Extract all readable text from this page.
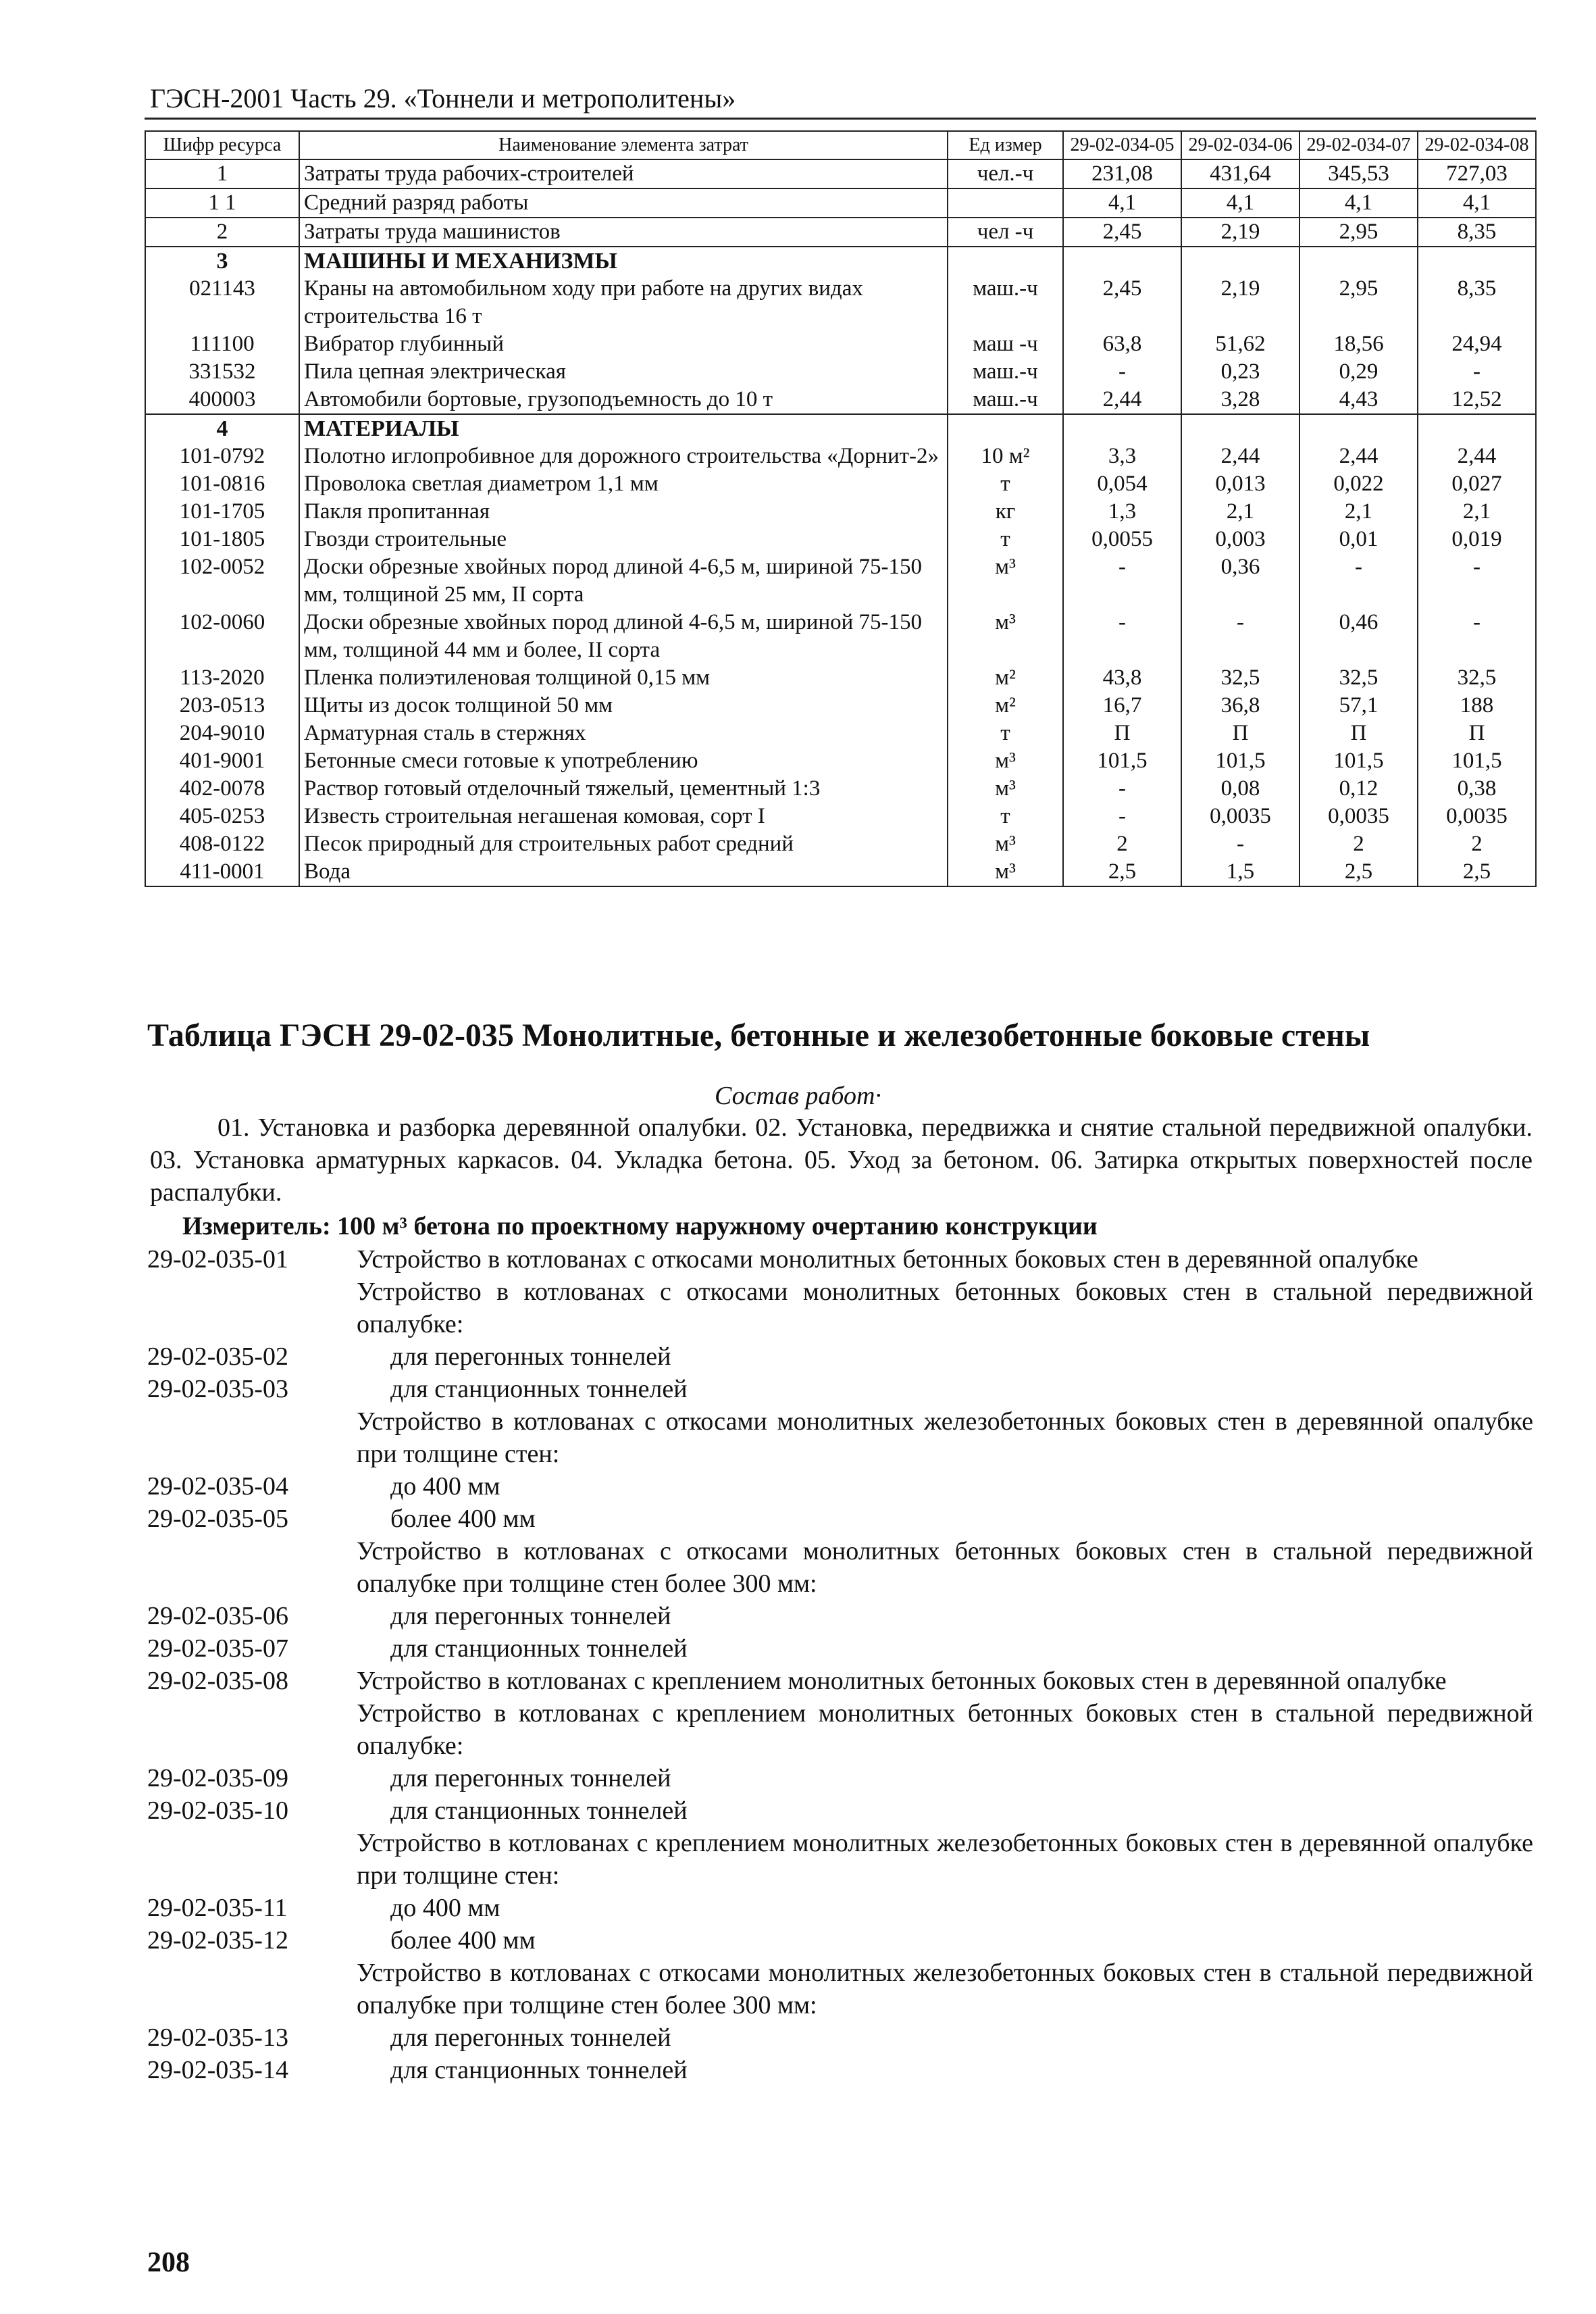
ГЭСН-2001 Часть 29. «Тоннели и метрополитены»
Шифр ресурса	Наименование элемента затрат	Ед измер	29-02-034-05	29-02-034-06	29-02-034-07	29-02-034-08
1	Затраты труда рабочих-строителей	чел.-ч	231,08	431,64	345,53	727,03
1 1	Средний разряд работы		4,1	4,1	4,1	4,1
2	Затраты труда машинистов	чел -ч	2,45	2,19	2,95	8,35
3	МАШИНЫ И МЕХАНИЗМЫ					
021143	Краны на автомобильном ходу при работе на других видах строительства 16 т	маш.-ч	2,45	2,19	2,95	8,35
111100	Вибратор глубинный	маш -ч	63,8	51,62	18,56	24,94
331532	Пила цепная электрическая	маш.-ч	-	0,23	0,29	-
400003	Автомобили бортовые, грузоподъемность до 10 т	маш.-ч	2,44	3,28	4,43	12,52
4	МАТЕРИАЛЫ					
101-0792	Полотно иглопробивное для дорожного строительства «Дорнит-2»	10 м²	3,3	2,44	2,44	2,44
101-0816	Проволока светлая диаметром 1,1 мм	т	0,054	0,013	0,022	0,027
101-1705	Пакля пропитанная	кг	1,3	2,1	2,1	2,1
101-1805	Гвозди строительные	т	0,0055	0,003	0,01	0,019
102-0052	Доски обрезные хвойных пород длиной 4-6,5 м, шириной 75-150 мм, толщиной 25 мм, II сорта	м³	-	0,36	-	-
102-0060	Доски обрезные хвойных пород длиной 4-6,5 м, шириной 75-150 мм, толщиной 44 мм и более, II сорта	м³	-	-	0,46	-
113-2020	Пленка полиэтиленовая толщиной 0,15 мм	м²	43,8	32,5	32,5	32,5
203-0513	Щиты из досок толщиной 50 мм	м²	16,7	36,8	57,1	188
204-9010	Арматурная сталь в стержнях	т	П	П	П	П
401-9001	Бетонные смеси готовые к употреблению	м³	101,5	101,5	101,5	101,5
402-0078	Раствор готовый отделочный тяжелый, цементный 1:3	м³	-	0,08	0,12	0,38
405-0253	Известь строительная негашеная комовая, сорт I	т	-	0,0035	0,0035	0,0035
408-0122	Песок природный для строительных работ средний	м³	2	-	2	2
411-0001	Вода	м³	2,5	1,5	2,5	2,5
Таблица ГЭСН 29-02-035 Монолитные, бетонные и железобетонные боковые стены
Состав работ·

01. Установка и разборка деревянной опалубки. 02. Установка, передвижка и снятие стальной передвижной опалубки. 03. Установка арматурных каркасов. 04. Укладка бетона. 05. Уход за бетоном. 06. Затирка открытых поверхностей после распалубки.

Измеритель: 100 м³ бетона по проектному наружному очертанию конструкции
29-02-035-01	Устройство в котлованах с откосами монолитных бетонных боковых стен в деревянной опалубке
Устройство в котлованах с откосами монолитных бетонных боковых стен в стальной передвижной опалубке:
29-02-035-02	для перегонных тоннелей
29-02-035-03	для станционных тоннелей
Устройство в котлованах с откосами монолитных железобетонных боковых стен в деревянной опалубке при толщине стен:
29-02-035-04	до 400 мм
29-02-035-05	более 400 мм
Устройство в котлованах с откосами монолитных бетонных боковых стен в стальной передвижной опалубке при толщине стен более 300 мм:
29-02-035-06	для перегонных тоннелей
29-02-035-07	для станционных тоннелей
29-02-035-08	Устройство в котлованах с креплением монолитных бетонных боковых стен в деревянной опалубке
Устройство в котлованах с креплением монолитных бетонных боковых стен в стальной передвижной опалубке:
29-02-035-09	для перегонных тоннелей
29-02-035-10	для станционных тоннелей
Устройство в котлованах с креплением монолитных железобетонных боковых стен в деревянной опалубке при толщине стен:
29-02-035-11	до 400 мм
29-02-035-12	более 400 мм
Устройство в котлованах с откосами монолитных железобетонных боковых стен в стальной передвижной опалубке при толщине стен более 300 мм:
29-02-035-13	для перегонных тоннелей
29-02-035-14	для станционных тоннелей
208
